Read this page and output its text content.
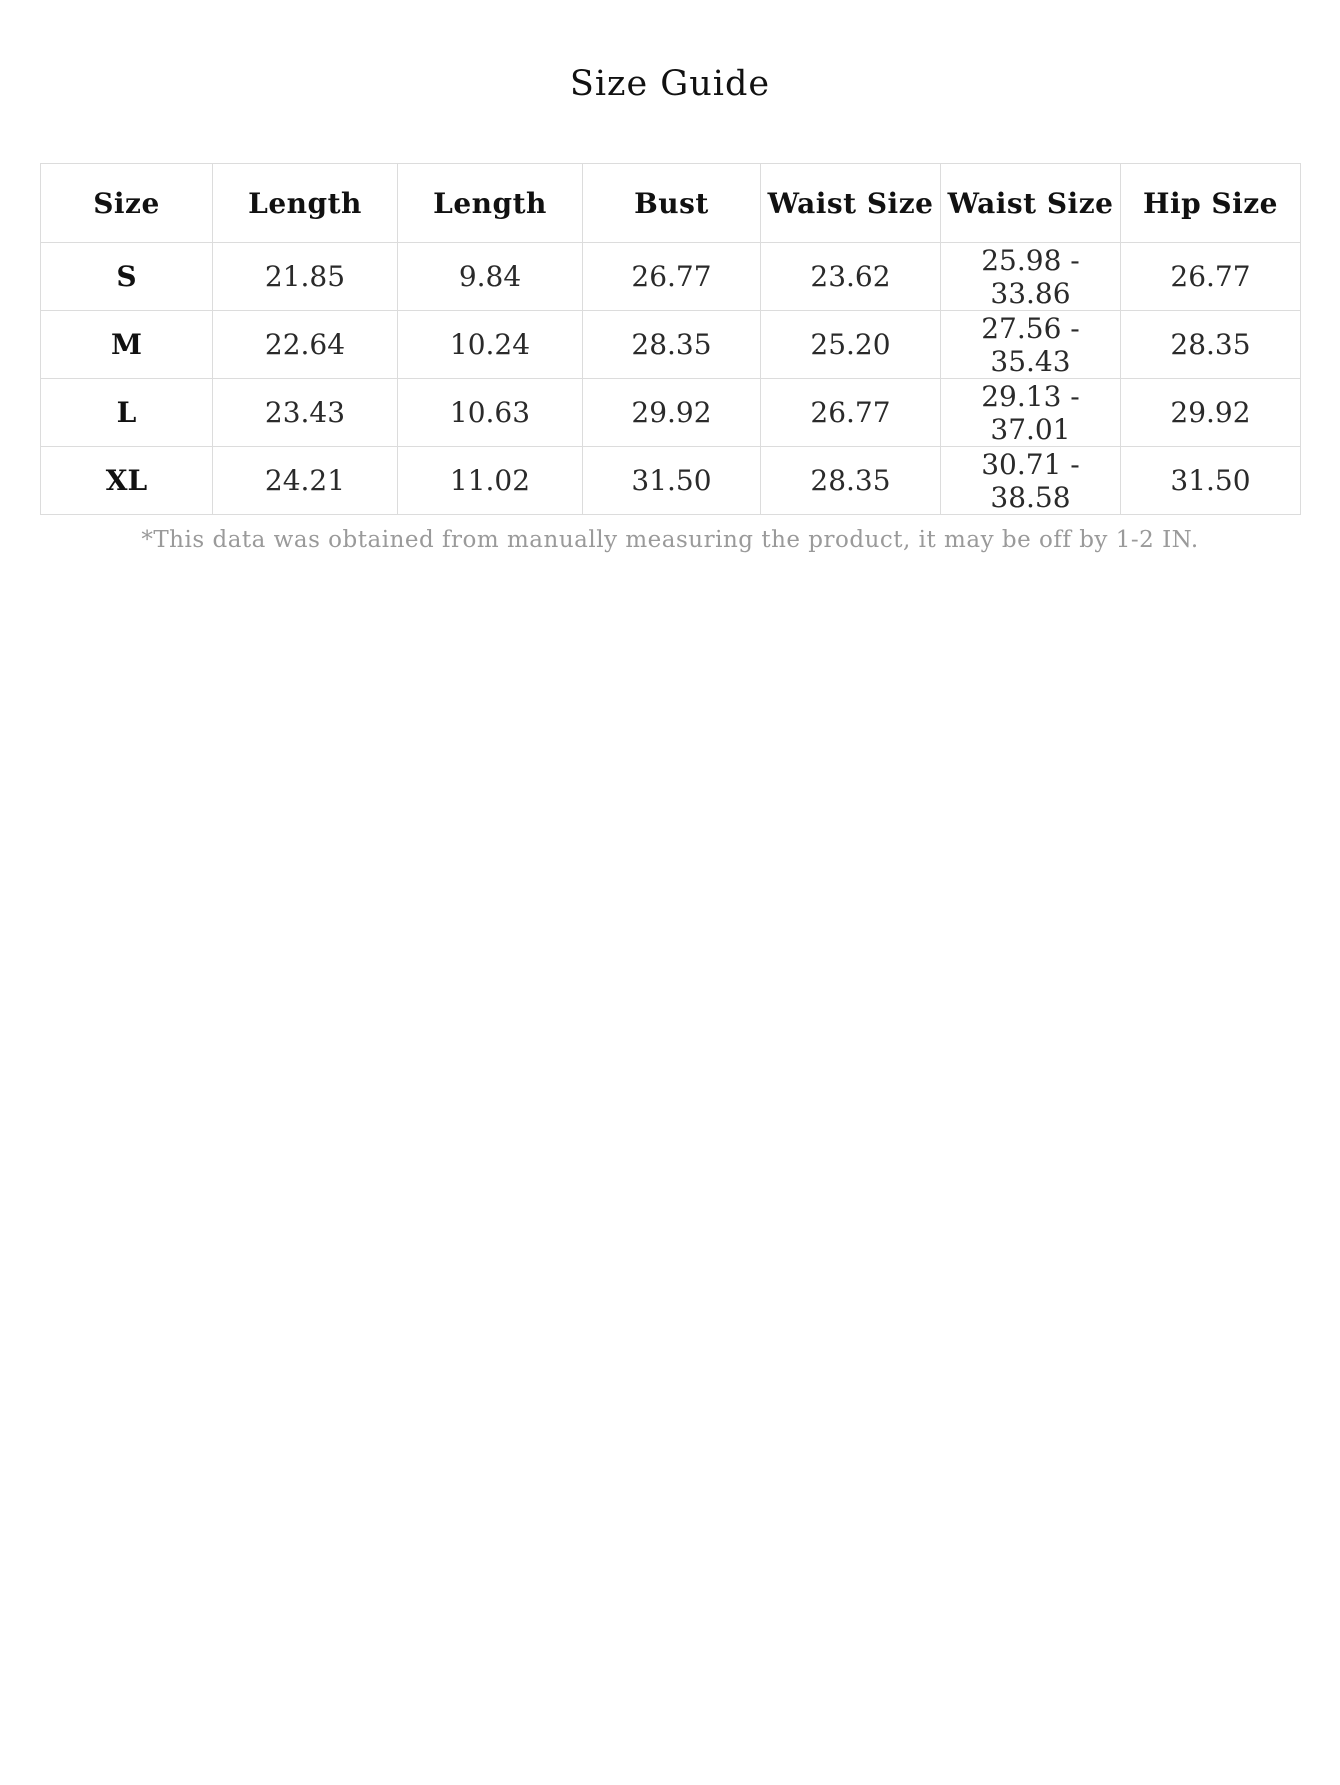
Size Guide
Size	Length	Length	Bust	Waist Size	Waist Size	Hip Size
S	21.85	9.84	26.77	23.62	25.98 - 33.86	26.77
M	22.64	10.24	28.35	25.20	27.56 - 35.43	28.35
L	23.43	10.63	29.92	26.77	29.13 - 37.01	29.92
XL	24.21	11.02	31.50	28.35	30.71 - 38.58	31.50
*This data was obtained from manually measuring the product, it may be off by 1-2 IN.
